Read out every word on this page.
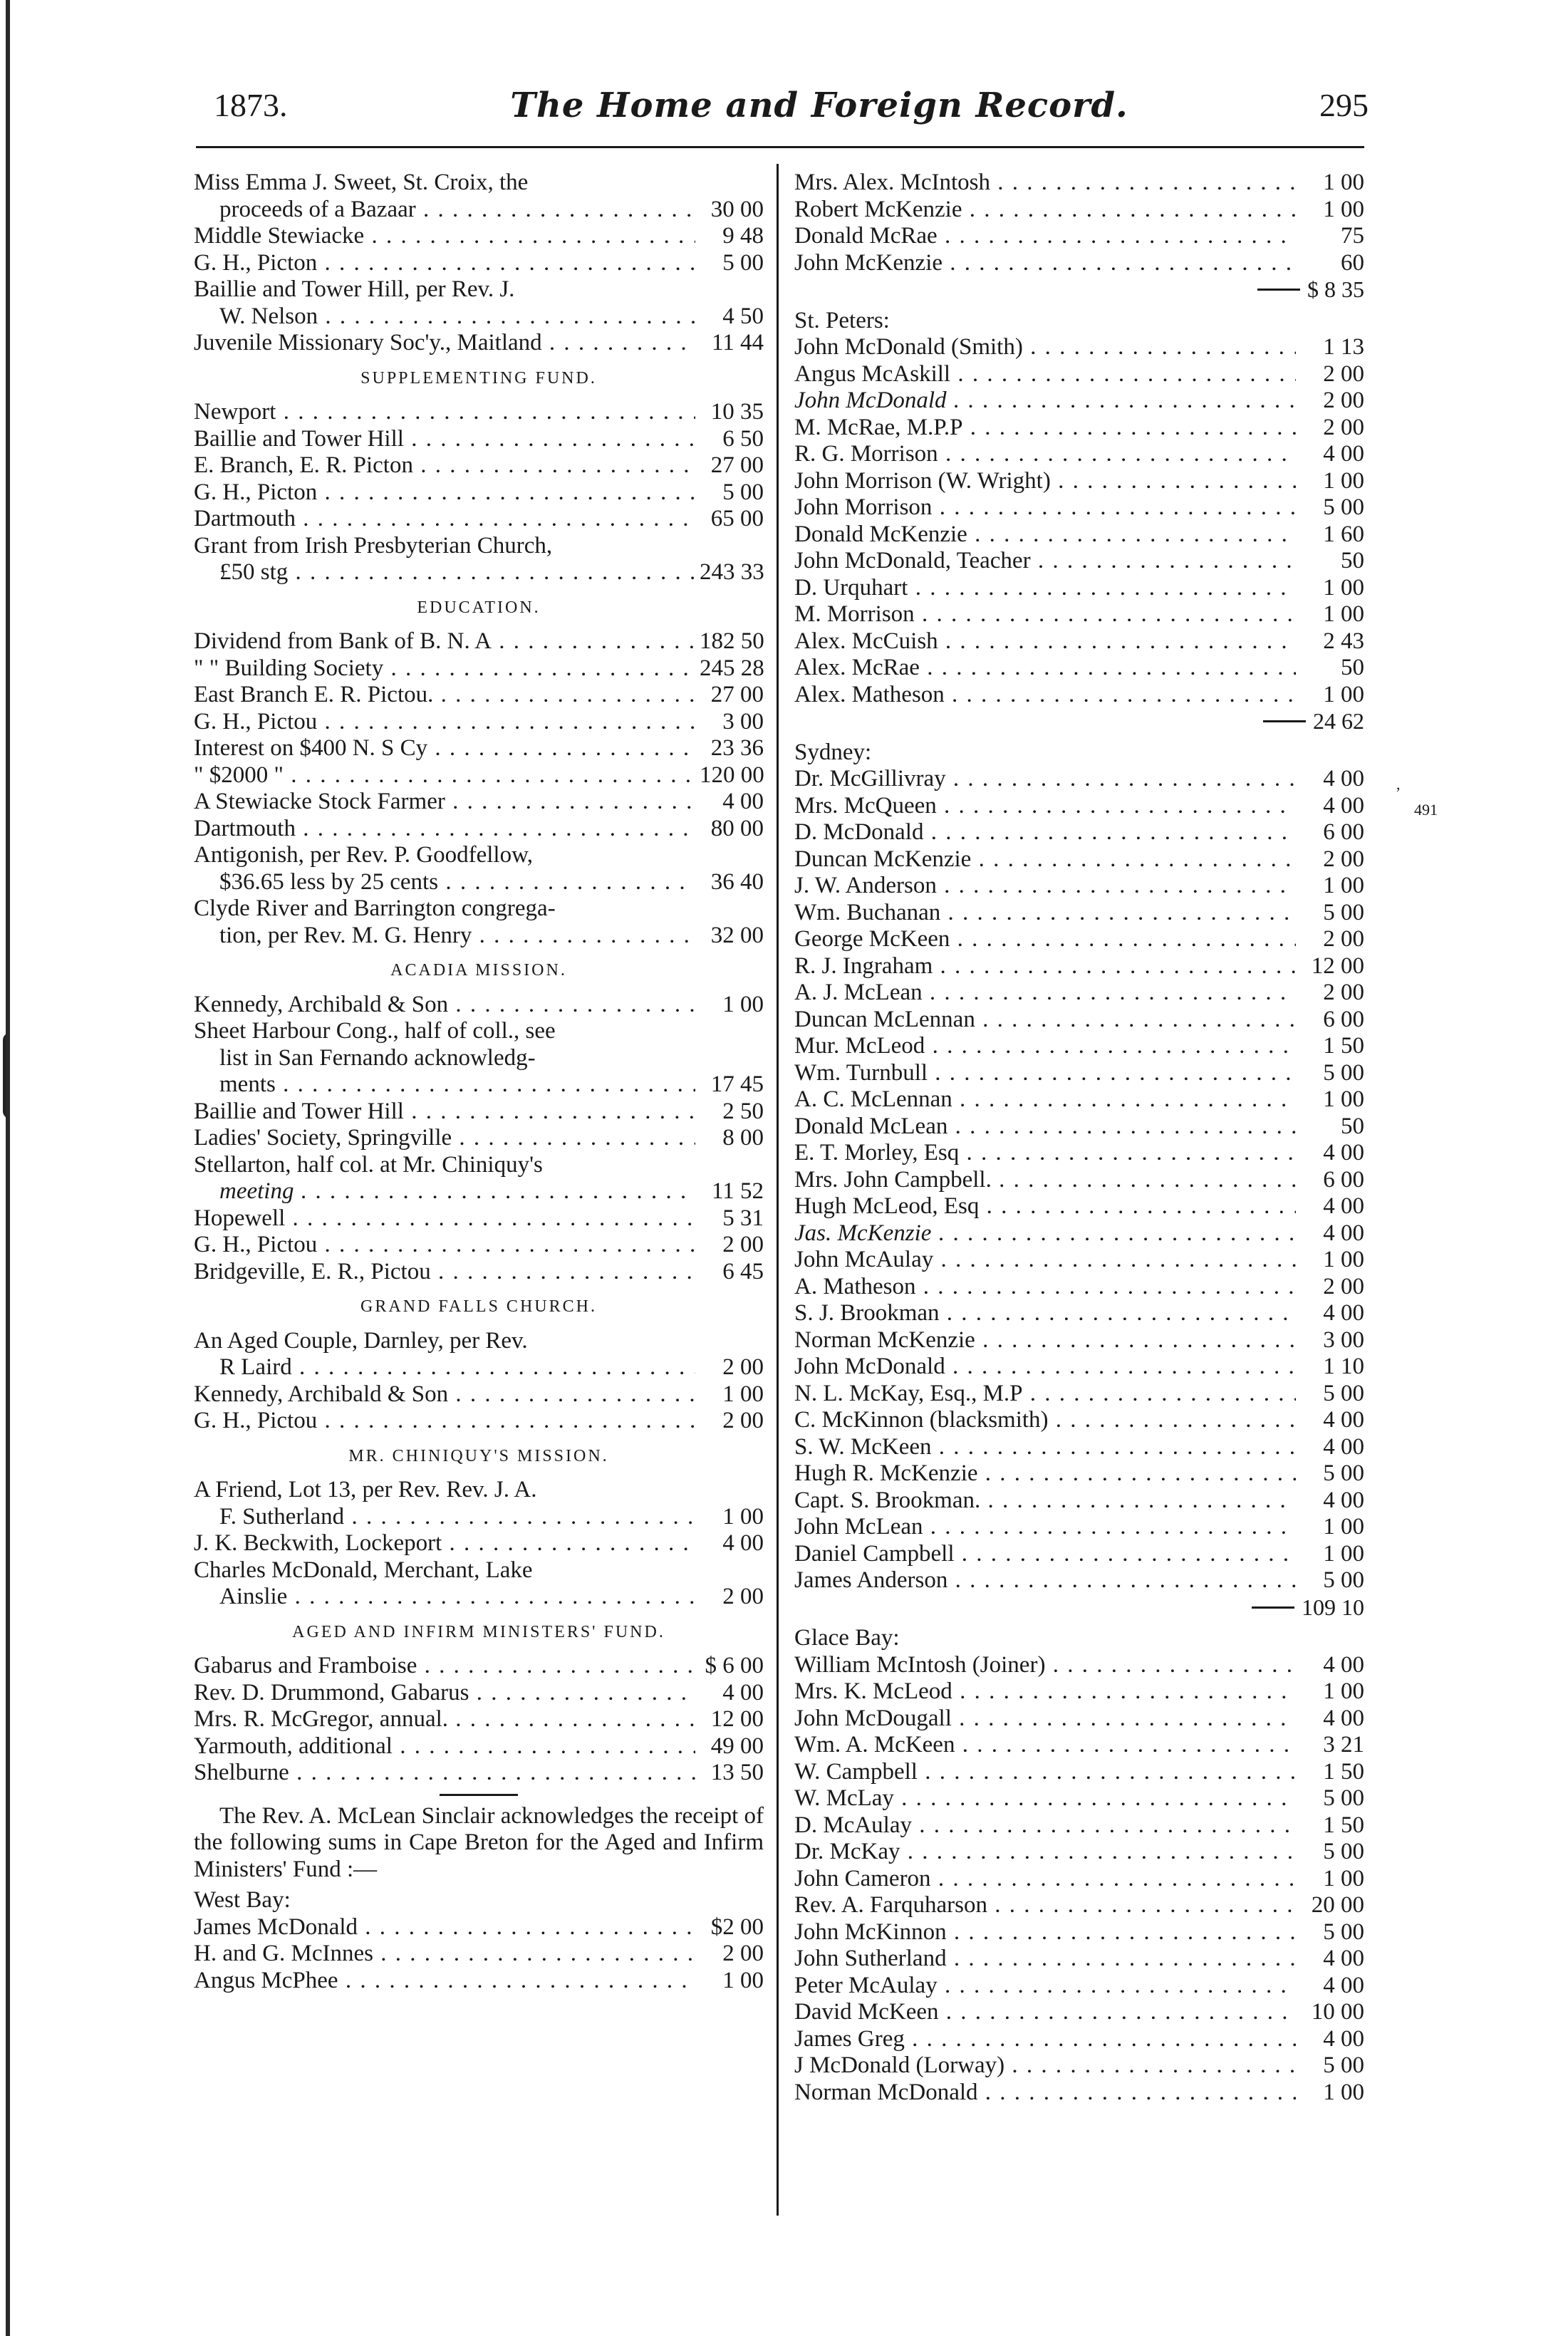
1873.	The Home and Foreign Record.	295
Miss Emma J. Sweet, St. Croix, the
proceeds of a Bazaar . . .	30 00
Middle Stewiacke . . .	9 48
G. H., Picton . . .	5 00
Baillie and Tower Hill, per Rev. J.
W. Nelson . . .	4 50
Juvenile Missionary Soc'y., Maitland . . .	11 44
SUPPLEMENTING FUND.
Newport . . .	10 35
Baillie and Tower Hill . . .	6 50
E. Branch, E. R. Picton . . .	27 00
G. H., Picton . . .	5 00
Dartmouth . . .	65 00
Grant from Irish Presbyterian Church,
£50 stg . . .	243 33
EDUCATION.
Dividend from Bank of B. N. A . . .	182 50
" " Building Society . . .	245 28
East Branch E. R. Pictou. . . .	27 00
G. H., Pictou . . .	3 00
Interest on $400 N. S Cy . . .	23 36
" $2000 " . . .	120 00
A Stewiacke Stock Farmer . . .	4 00
Dartmouth . . .	80 00
Antigonish, per Rev. P. Goodfellow,
$36.65 less by 25 cents . . .	36 40
Clyde River and Barrington congrega-
tion, per Rev. M. G. Henry . . .	32 00
ACADIA MISSION.
Kennedy, Archibald & Son . . .	1 00
Sheet Harbour Cong., half of coll., see
list in San Fernando acknowledg-
ments . . .	17 45
Baillie and Tower Hill . . .	2 50
Ladies' Society, Springville . . .	8 00
Stellarton, half col. at Mr. Chiniquy's
meeting . . .	11 52
Hopewell . . .	5 31
G. H., Pictou . . .	2 00
Bridgeville, E. R., Pictou . . .	6 45
GRAND FALLS CHURCH.
An Aged Couple, Darnley, per Rev.
R Laird . . .	2 00
Kennedy, Archibald & Son . . .	1 00
G. H., Pictou . . .	2 00
MR. CHINIQUY'S MISSION.
A Friend, Lot 13, per Rev. Rev. J. A.
F. Sutherland . . .	1 00
J. K. Beckwith, Lockeport . . .	4 00
Charles McDonald, Merchant, Lake
Ainslie . . .	2 00
AGED AND INFIRM MINISTERS' FUND.
Gabarus and Framboise . . .	$ 6 00
Rev. D. Drummond, Gabarus . . .	4 00
Mrs. R. McGregor, annual. . . .	12 00
Yarmouth, additional . . .	49 00
Shelburne . . .	13 50
The Rev. A. McLean Sinclair acknowledges the receipt of the following sums in Cape Breton for the Aged and Infirm Ministers' Fund :—
West Bay:
James McDonald . . .	$2 00
H. and G. McInnes . . .	2 00
Angus McPhee . . .	1 00
Mrs. Alex. McIntosh . . .	1 00
Robert McKenzie . . .	1 00
Donald McRae . . .	75
John McKenzie . . .	60
$ 8 35
St. Peters:
John McDonald (Smith) . . .	1 13
Angus McAskill . . .	2 00
John McDonald . . .	2 00
M. McRae, M.P.P . . .	2 00
R. G. Morrison . . .	4 00
John Morrison (W. Wright) . . .	1 00
John Morrison . . .	5 00
Donald McKenzie . . .	1 60
John McDonald, Teacher . . .	50
D. Urquhart . . .	1 00
M. Morrison . . .	1 00
Alex. McCuish . . .	2 43
Alex. McRae . . .	50
Alex. Matheson . . .	1 00
24 62
Sydney:
Dr. McGillivray . . .	4 00
Mrs. McQueen . . .	4 00
D. McDonald . . .	6 00
Duncan McKenzie . . .	2 00
J. W. Anderson . . .	1 00
Wm. Buchanan . . .	5 00
George McKeen . . .	2 00
R. J. Ingraham . . .	12 00
A. J. McLean . . .	2 00
Duncan McLennan . . .	6 00
Mur. McLeod . . .	1 50
Wm. Turnbull . . .	5 00
A. C. McLennan . . .	1 00
Donald McLean . . .	50
E. T. Morley, Esq . . .	4 00
Mrs. John Campbell. . . .	6 00
Hugh McLeod, Esq . . .	4 00
Jas. McKenzie . . .	4 00
John McAulay . . .	1 00
A. Matheson . . .	2 00
S. J. Brookman . . .	4 00
Norman McKenzie . . .	3 00
John McDonald . . .	1 10
N. L. McKay, Esq., M.P . . .	5 00
C. McKinnon (blacksmith) . . .	4 00
S. W. McKeen . . .	4 00
Hugh R. McKenzie . . .	5 00
Capt. S. Brookman. . . .	4 00
John McLean . . .	1 00
Daniel Campbell . . .	1 00
James Anderson . . .	5 00
109 10
Glace Bay:
William McIntosh (Joiner) . . .	4 00
Mrs. K. McLeod . . .	1 00
John McDougall . . .	4 00
Wm. A. McKeen . . .	3 21
W. Campbell . . .	1 50
W. McLay . . .	5 00
D. McAulay . . .	1 50
Dr. McKay . . .	5 00
John Cameron . . .	1 00
Rev. A. Farquharson . . .	20 00
John McKinnon . . .	5 00
John Sutherland . . .	4 00
Peter McAulay . . .	4 00
David McKeen . . .	10 00
James Greg . . .	4 00
J McDonald (Lorway) . . .	5 00
Norman McDonald . . .	1 00
,
491
